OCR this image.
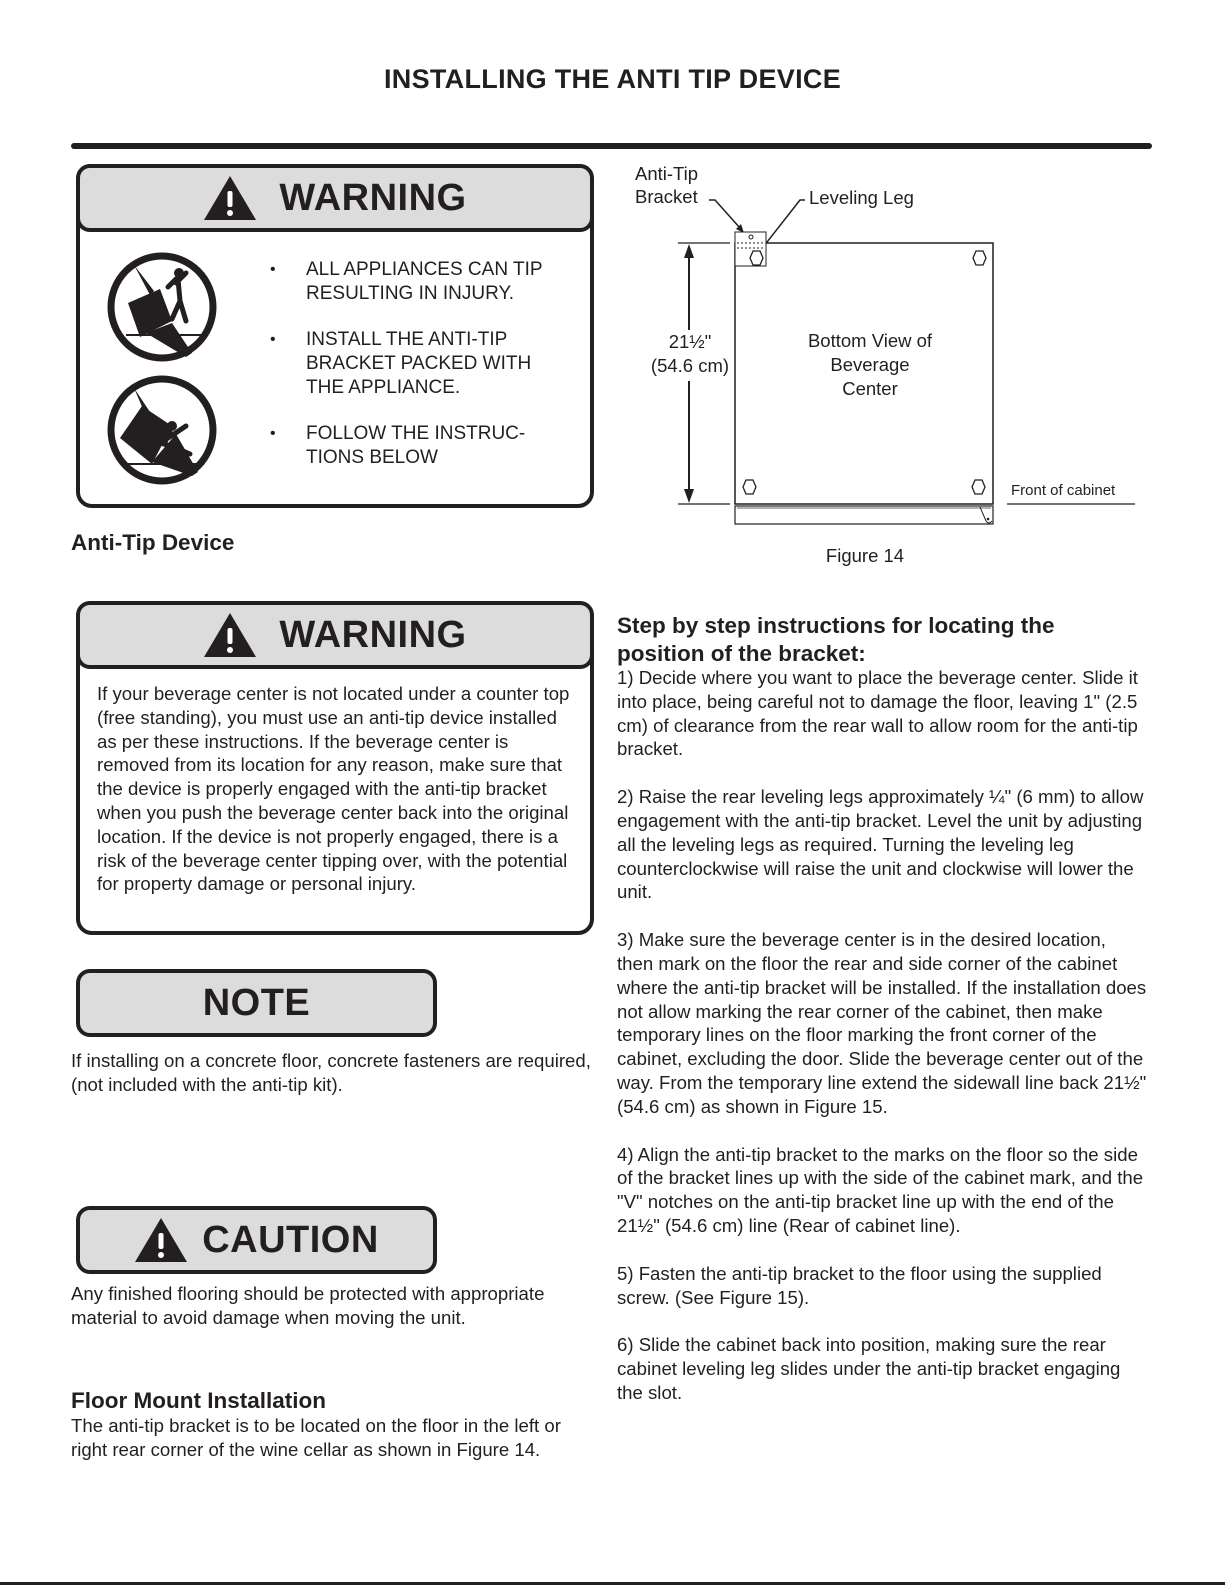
INSTALLING THE ANTI TIP DEVICE
WARNING
• ALL APPLIANCES CAN TIP RESULTING IN INJURY.
• INSTALL THE ANTI-TIP BRACKET PACKED WITH THE APPLIANCE.
• FOLLOW THE INSTRUC- TIONS BELOW
Anti-Tip
Bracket	Leveling Leg
21½"
(54.6 cm)
Bottom View of
Beverage
Center
Front of cabinet
Figure 14
Anti-Tip Device
WARNING
If your beverage center is not located under a counter top (free standing), you must use an anti-tip device installed as per these instructions. If the beverage center is removed from its location for any reason, make sure that the device is properly engaged with the anti-tip bracket when you push the beverage center back into the original location. If the device is not properly engaged, there is a risk of the beverage center tipping over, with the potential for property damage or personal injury.
NOTE
If installing on a concrete floor, concrete fasteners are required, (not included with the anti-tip kit).
CAUTION
Any finished flooring should be protected with appropriate material to avoid damage when moving the unit.
Floor Mount Installation
The anti-tip bracket is to be located on the floor in the left or right rear corner of the wine cellar as shown in Figure 14.
Step by step instructions for locating the position of the bracket:

1) Decide where you want to place the beverage center. Slide it into place, being careful not to damage the floor, leaving 1" (2.5 cm) of clearance from the rear wall to allow room for the anti-tip bracket.

2) Raise the rear leveling legs approximately ¼" (6 mm) to allow engagement with the anti-tip bracket. Level the unit by adjusting all the leveling legs as required. Turning the leveling leg counterclockwise will raise the unit and clockwise will lower the unit.

3) Make sure the beverage center is in the desired location, then mark on the floor the rear and side corner of the cabinet where the anti-tip bracket will be installed. If the installation does not allow marking the rear corner of the cabinet, then make temporary lines on the floor marking the front corner of the cabinet, excluding the door. Slide the beverage center out of the way. From the temporary line extend the sidewall line back 21½" (54.6 cm) as shown in Figure 15.

4) Align the anti-tip bracket to the marks on the floor so the side of the bracket lines up with the side of the cabinet mark, and the "V" notches on the anti-tip bracket line up with the end of the 21½" (54.6 cm) line (Rear of cabinet line).

5) Fasten the anti-tip bracket to the floor using the supplied screw. (See Figure 15).

6) Slide the cabinet back into position, making sure the rear cabinet leveling leg slides under the anti-tip bracket engaging the slot.
